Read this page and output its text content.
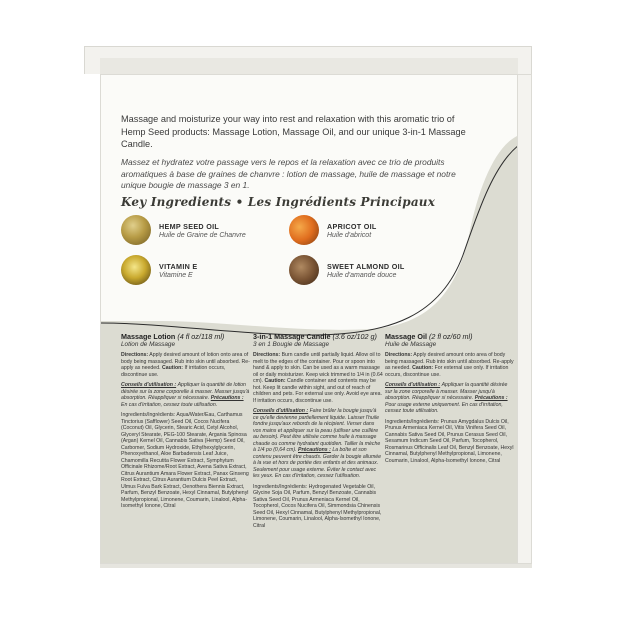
Massage and moisturize your way into rest and relaxation with this aromatic trio of Hemp Seed products: Massage Lotion, Massage Oil, and our unique 3-in-1 Massage Candle.
Massez et hydratez votre passage vers le repos et la relaxation avec ce trio de produits aromatiques à base de graines de chanvre : lotion de massage, huile de massage et notre unique bougie de massage 3 en 1.
Key Ingredients • Les Ingrédients Principaux
HEMP SEED OIL
Huile de Graine de Chanvre
APRICOT OIL
Huile d'abricot
VITAMIN E
Vitamine E
SWEET ALMOND OIL
Huile d'amande douce
Massage Lotion (4 fl oz/118 ml)
Lotion de Massage

Directions: Apply desired amount of lotion onto area of body being massaged. Rub into skin until absorbed. Re-apply as needed. Caution: If irritation occurs, discontinue use.

Conseils d'utilisation : Appliquer la quantité de lotion désirée sur la zone corporelle à masser. Masser jusqu'à absorption. Réappliquer si nécessaire. Précautions : En cas d'irritation, cessez toute utilisation.

Ingredients/Ingrédients: Aqua/Water/Eau, Carthamus Tinctorius (Safflower) Seed Oil, Cocos Nucifera (Coconut) Oil, Glycerin, Stearic Acid, Cetyl Alcohol, Glyceryl Stearate, PEG-100 Stearate, Argania Spinosa (Argan) Kernel Oil, Cannabis Sativa (Hemp) Seed Oil, Carbomer, Sodium Hydroxide, Ethylhexylglycerin, Phenoxyethanol, Aloe Barbadensis Leaf Juice, Chamomilla Recutita Flower Extract, Symphytum Officinale Rhizome/Root Extract, Avena Sativa Extract, Citrus Aurantium Amara Flower Extract, Panax Ginseng Root Extract, Citrus Aurantium Dulcis Peel Extract, Ulmus Fulva Bark Extract, Oenothera Biennis Extract, Parfum, Benzyl Benzoate, Hexyl Cinnamal, Butylphenyl Methylpropional, Limonene, Coumarin, Linalool, Alpha-Isomethyl Ionone, Citral

3-in-1 Massage Candle (3.6 oz/102 g)
3 en 1 Bougie de Massage

Directions: Burn candle until partially liquid. Allow oil to melt to the edges of the container. Pour or spoon into hand & apply to skin. Can be used as a warm massage oil or daily moisturizer. Keep wick trimmed to 1/4 in (0.64 cm). Caution: Candle container and contents may be hot. Keep lit candle within sight, and out of reach of children and pets. For external use only. Avoid eye area. If irritation occurs, discontinue use.

Conseils d'utilisation : Faire brûler la bougie jusqu'à ce qu'elle devienne partiellement liquide. Laisser l'huile fondre jusqu'aux rebords de la récipient. Verser dans vos mains et appliquer sur la peau (utiliser une cuillère au besoin). Peut être utilisée comme huile à massage chaude ou comme hydratant quotidien. Tailler la mèche à 1/4 po (0,64 cm). Précautions : La boîte et son contenu peuvent être chauds. Garder la bougie allumée à la vue et hors de portée des enfants et des animaux. Seulement pour usage externe. Éviter le contact avec les yeux. En cas d'irritation, cessez l'utilisation.

Ingredients/Ingrédients: Hydrogenated Vegetable Oil, Glycine Soja Oil, Parfum, Benzyl Benzoate, Cannabis Sativa Seed Oil, Prunus Armeniaca Kernel Oil, Tocopherol, Cocos Nucifera Oil, Simmondsia Chinensis Seed Oil, Hexyl Cinnamal, Butylphenyl Methylpropional, Limonene, Coumarin, Linalool, Alpha-Isomethyl Ionone, Citral

Massage Oil (2 fl oz/60 ml)
Huile de Massage

Directions: Apply desired amount onto area of body being massaged. Rub into skin until absorbed. Re-apply as needed. Caution: For external use only. If irritation occurs, discontinue use.

Conseils d'utilisation : Appliquer la quantité désirée sur la zone corporelle à masser. Masser jusqu'à absorption. Réappliquer si nécessaire. Précautions : Pour usage externe uniquement. En cas d'irritation, cessez toute utilisation.

Ingredients/Ingrédients: Prunus Amygdalus Dulcis Oil, Prunus Armeniaca Kernel Oil, Vitis Vinifera Seed Oil, Cannabis Sativa Seed Oil, Prunus Cerasus Seed Oil, Sesamum Indicum Seed Oil, Parfum, Tocopherol, Rosmarinus Officinalis Leaf Oil, Benzyl Benzoate, Hexyl Cinnamal, Butylphenyl Methylpropional, Limonene, Coumarin, Linalool, Alpha-Isomethyl Ionone, Citral
